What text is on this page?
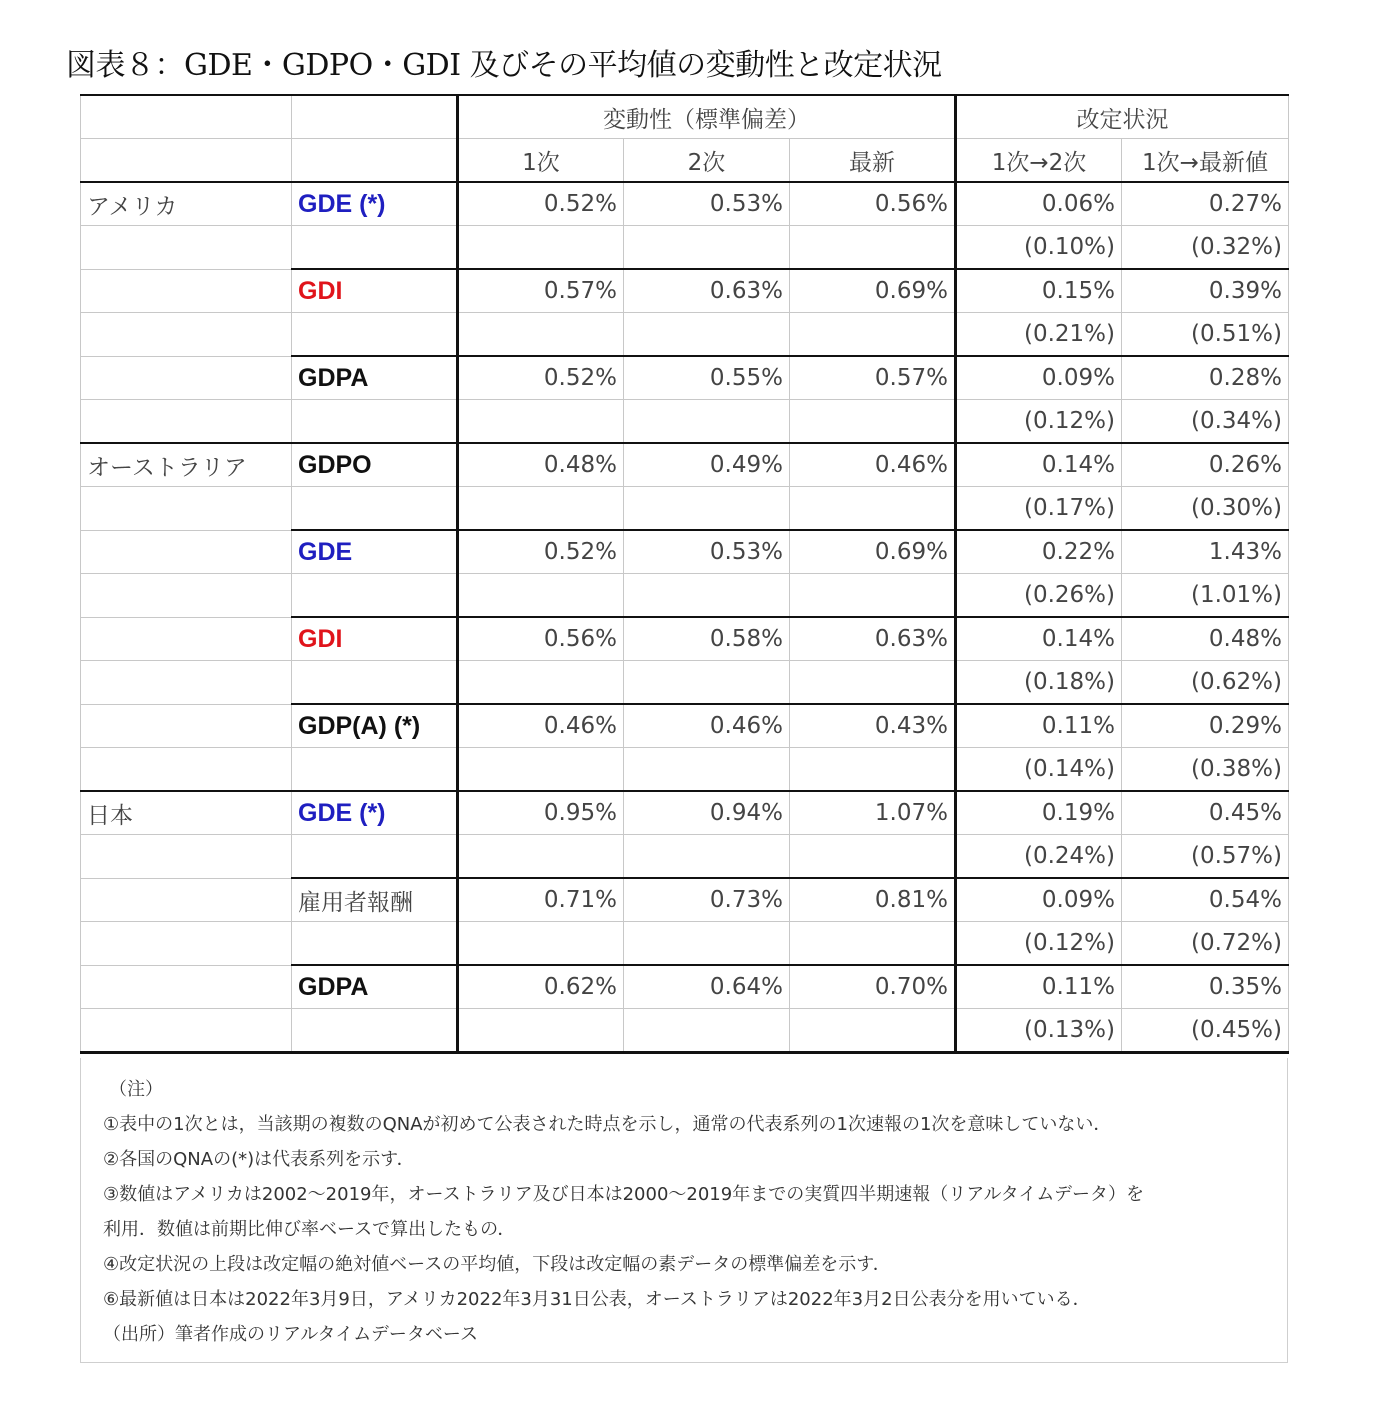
図表８：GDE・GDPO・GDI 及びその平均値の変動性と改定状況
		変動性（標準偏差）			改定状況	
		1次	2次	最新	1次→2次	1次→最新値
アメリカ	GDE (*)	0.52%	0.53%	0.56%	0.06%	0.27%
					(0.10%)	(0.32%)
	GDI	0.57%	0.63%	0.69%	0.15%	0.39%
					(0.21%)	(0.51%)
	GDPA	0.52%	0.55%	0.57%	0.09%	0.28%
					(0.12%)	(0.34%)
オーストラリア	GDPO	0.48%	0.49%	0.46%	0.14%	0.26%
					(0.17%)	(0.30%)
	GDE	0.52%	0.53%	0.69%	0.22%	1.43%
					(0.26%)	(1.01%)
	GDI	0.56%	0.58%	0.63%	0.14%	0.48%
					(0.18%)	(0.62%)
	GDP(A) (*)	0.46%	0.46%	0.43%	0.11%	0.29%
					(0.14%)	(0.38%)
日本	GDE (*)	0.95%	0.94%	1.07%	0.19%	0.45%
					(0.24%)	(0.57%)
	雇用者報酬	0.71%	0.73%	0.81%	0.09%	0.54%
					(0.12%)	(0.72%)
	GDPA	0.62%	0.64%	0.70%	0.11%	0.35%
					(0.13%)	(0.45%)
（注）
①表中の1次とは，当該期の複数のQNAが初めて公表された時点を示し，通常の代表系列の1次速報の1次を意味していない．
②各国のQNAの(*)は代表系列を示す．
③数値はアメリカは2002～2019年，オーストラリア及び日本は2000～2019年までの実質四半期速報（リアルタイムデータ）を
利用．数値は前期比伸び率ベースで算出したもの．
④改定状況の上段は改定幅の絶対値ベースの平均値，下段は改定幅の素データの標準偏差を示す．
⑥最新値は日本は2022年3月9日，アメリカ2022年3月31日公表，オーストラリアは2022年3月2日公表分を用いている．
（出所）筆者作成のリアルタイムデータベース
